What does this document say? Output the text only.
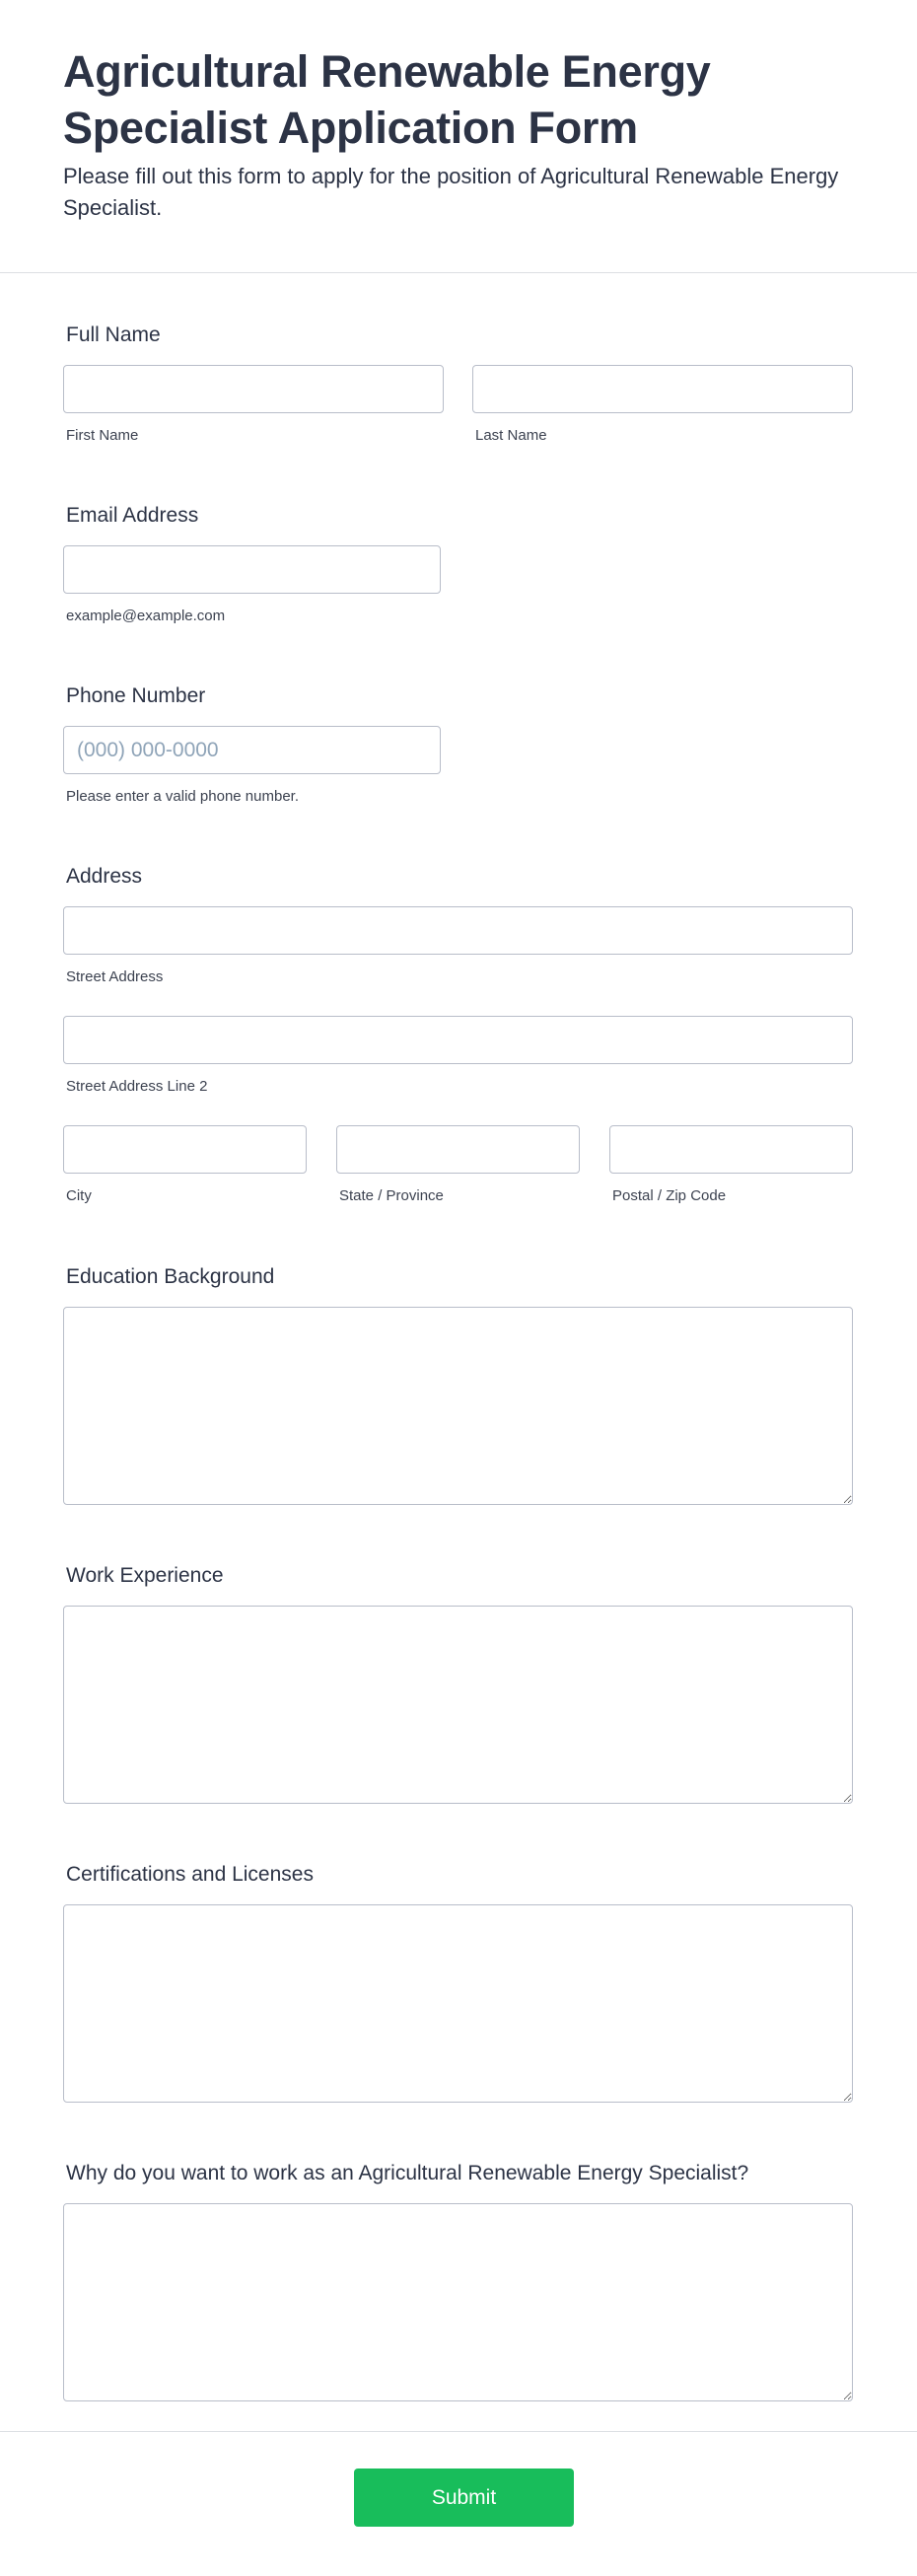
Agricultural Renewable Energy Specialist Application Form

Please fill out this form to apply for the position of Agricultural Renewable Energy Specialist.

Full Name
First Name	Last Name
Email Address
example@example.com
Phone Number
(000) 000-0000
Please enter a valid phone number.
Address
Street Address
Street Address Line 2
City	State / Province	Postal / Zip Code
Education Background
Work Experience
Certifications and Licenses
Why do you want to work as an Agricultural Renewable Energy Specialist?
Submit
